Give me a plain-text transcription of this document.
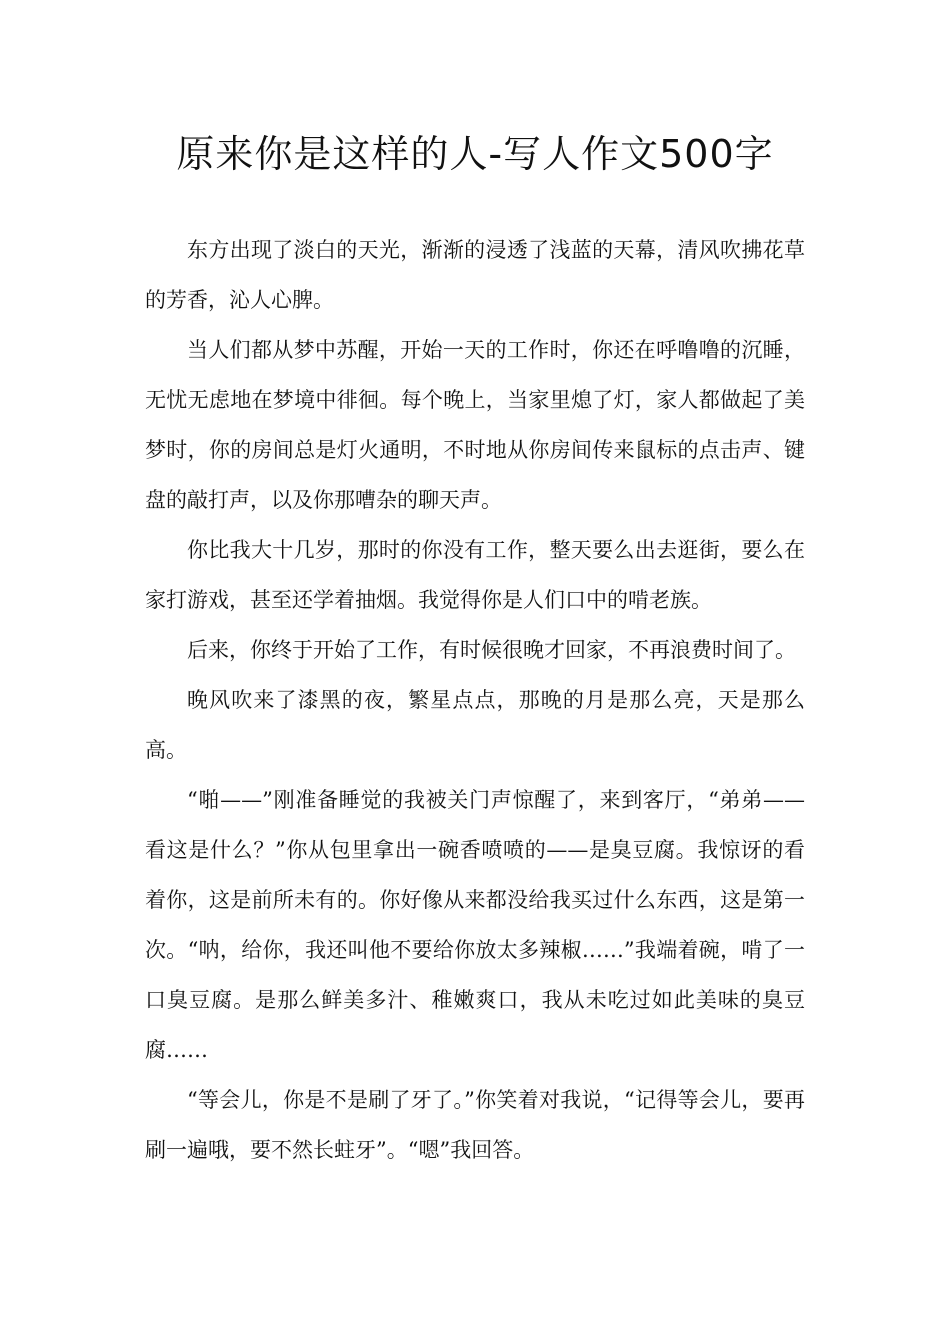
原来你是这样的人-写人作文500字

东方出现了淡白的天光，渐渐的浸透了浅蓝的天幕，清风吹拂花草的芳香，沁人心脾。

当人们都从梦中苏醒，开始一天的工作时，你还在呼噜噜的沉睡，无忧无虑地在梦境中徘徊。每个晚上，当家里熄了灯，家人都做起了美梦时，你的房间总是灯火通明，不时地从你房间传来鼠标的点击声、键盘的敲打声，以及你那嘈杂的聊天声。

你比我大十几岁，那时的你没有工作，整天要么出去逛街，要么在家打游戏，甚至还学着抽烟。我觉得你是人们口中的啃老族。

后来，你终于开始了工作，有时候很晚才回家，不再浪费时间了。

晚风吹来了漆黑的夜，繁星点点，那晚的月是那么亮，天是那么高。

“啪——”刚准备睡觉的我被关门声惊醒了，来到客厅，“弟弟——看这是什么？”你从包里拿出一碗香喷喷的——是臭豆腐。我惊讶的看着你，这是前所未有的。你好像从来都没给我买过什么东西，这是第一次。“呐，给你，我还叫他不要给你放太多辣椒……”我端着碗，啃了一口臭豆腐。是那么鲜美多汁、稚嫩爽口，我从未吃过如此美味的臭豆腐……

“等会儿，你是不是刷了牙了。”你笑着对我说，“记得等会儿，要再刷一遍哦，要不然长蛀牙”。“嗯”我回答。
